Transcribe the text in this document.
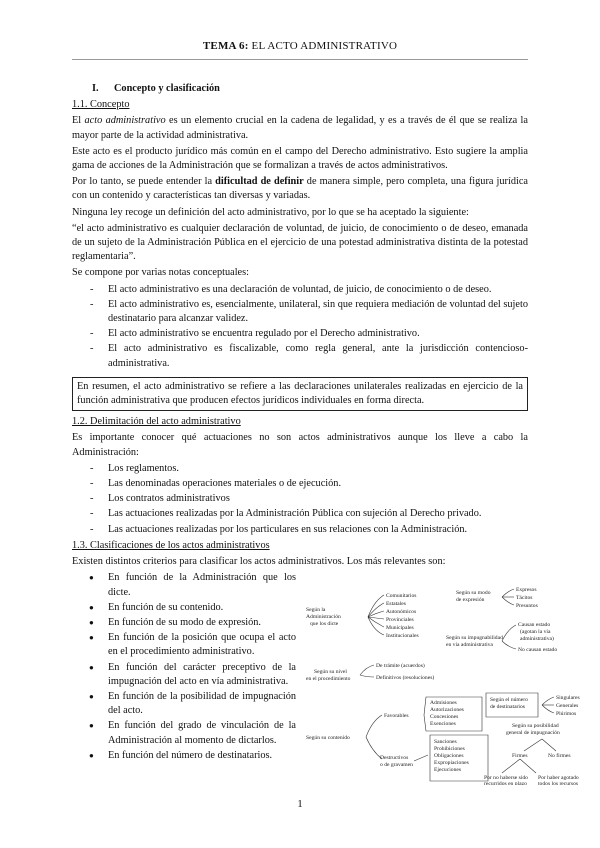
TEMA 6: EL ACTO ADMINISTRATIVO
I. Concepto y clasificación
1.1. Concepto

El acto administrativo es un elemento crucial en la cadena de legalidad, y es a través de él que se realiza la mayor parte de la actividad administrativa.

Este acto es el producto jurídico más común en el campo del Derecho administrativo. Esto sugiere la amplia gama de acciones de la Administración que se formalizan a través de actos administrativos.

Por lo tanto, se puede entender la dificultad de definir de manera simple, pero completa, una figura jurídica con un contenido y características tan diversas y variadas.

Ninguna ley recoge un definición del acto administrativo, por lo que se ha aceptado la siguiente:

“el acto administrativo es cualquier declaración de voluntad, de juicio, de conocimiento o de deseo, emanada de un sujeto de la Administración Pública en el ejercicio de una potestad administrativa distinta de la potestad reglamentaria”.

Se compone por varias notas conceptuales:

- El acto administrativo es una declaración de voluntad, de juicio, de conocimiento o de deseo.
- El acto administrativo es, esencialmente, unilateral, sin que requiera mediación de voluntad del sujeto destinatario para alcanzar validez.
- El acto administrativo se encuentra regulado por el Derecho administrativo.
- El acto administrativo es fiscalizable, como regla general, ante la jurisdicción contencioso-administrativa.
En resumen, el acto administrativo se refiere a las declaraciones unilaterales realizadas en ejercicio de la función administrativa que producen efectos jurídicos individuales en forma directa.
1.2. Delimitación del acto administrativo

Es importante conocer qué actuaciones no son actos administrativos aunque los lleve a cabo la Administración:

- Los reglamentos.
- Las denominadas operaciones materiales o de ejecución.
- Los contratos administrativos
- Las actuaciones realizadas por la Administración Pública con sujeción al Derecho privado.
- Las actuaciones realizadas por los particulares en sus relaciones con la Administración.
1.3. Clasificaciones de los actos administrativos

Existen distintos criterios para clasificar los actos administrativos. Los más relevantes son:

● En función de la Administración que los dicte.
● En función de su contenido.
● En función de su modo de expresión.
● En función de la posición que ocupa el acto en el procedimiento administrativo.
● En función del carácter preceptivo de la impugnación del acto en vía administrativa.
● En función de la posibilidad de impugnación del acto.
● En función del grado de vinculación de la Administración al momento de dictarlos.
● En función del número de destinatarios.
Según la
Administración
que los dicte
Comunitarios
Estatales
Autonómicos
Provinciales
Municipales
Institucionales
Según su modo
de expresión
Expresos
Tácitos
Presuntos
Según su impugnabilidad
en vía administrativa
Causan estado
(agotan la vía
administrativa)
No causan estado
Según su nivel
en el procedimiento
De trámite (acuerdos)
Definitivos (resoluciones)
Según su contenido
Favorables
Admisiones
Autorizaciones
Concesiones
Exenciones
Destructivos
o de gravamen
Sanciones
Prohibiciones
Obligaciones
Expropiaciones
Ejecuciones
Según el número
de destinatarios
Singulares
Generales
Plúrimos
Según su posibilidad
general de impugnación
Firmes	No firmes
Por no haberse sido
recurridos en plazo
Por haber agotado
todos los recursos
1
